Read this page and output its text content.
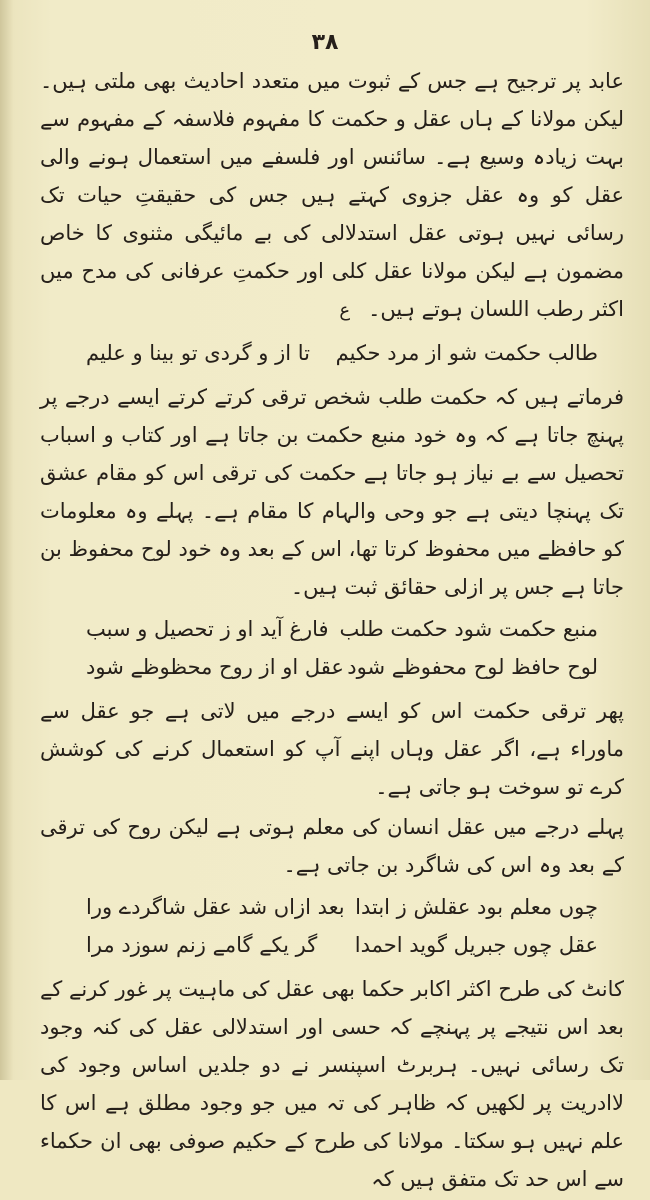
٣٨

عابد پر ترجیح ہے جس کے ثبوت میں متعدد احادیث بھی ملتی ہیں۔ لیکن مولانا کے ہاں عقل و حکمت کا مفہوم فلاسفہ کے مفہوم سے بہت زیادہ وسیع ہے۔ سائنس اور فلسفے میں استعمال ہونے والی عقل کو وہ عقل جزوی کہتے ہیں جس کی حقیقتِ حیات تک رسائی نہیں ہوتی عقل استدلالی کی بے مائیگی مثنوی کا خاص مضمون ہے لیکن مولانا عقل کلی اور حکمتِ عرفانی کی مدح میں اکثر رطب اللسان ہوتے ہیں۔ع

طالب حکمت شو از مرد حکیم
تا از و گردی تو بینا و علیم

فرماتے ہیں کہ حکمت طلب شخص ترقی کرتے کرتے ایسے درجے پر پہنچ جاتا ہے کہ وہ خود منبع حکمت بن جاتا ہے اور کتاب و اسباب تحصیل سے بے نیاز ہو جاتا ہے حکمت کی ترقی اس کو مقام عشق تک پہنچا دیتی ہے جو وحی والہام کا مقام ہے۔ پہلے وہ معلومات کو حافظے میں محفوظ کرتا تھا، اس کے بعد وہ خود لوح محفوظ بن جاتا ہے جس پر ازلی حقائق ثبت ہیں۔

منبع حکمت شود حکمت طلب
فارغ آید او ز تحصیل و سبب
لوح حافظ لوح محفوظے شود
عقل او از روح محظوظے شود

پھر ترقی حکمت اس کو ایسے درجے میں لاتی ہے جو عقل سے ماوراء ہے، اگر عقل وہاں اپنے آپ کو استعمال کرنے کی کوشش کرے تو سوخت ہو جاتی ہے۔

پہلے درجے میں عقل انسان کی معلم ہوتی ہے لیکن روح کی ترقی کے بعد وہ اس کی شاگرد بن جاتی ہے۔

چوں معلم بود عقلش ز ابتدا
بعد ازاں شد عقل شاگردے ورا
عقل چوں جبریل گوید احمدا
گر یکے گامے زنم سوزد مرا

کانٹ کی طرح اکثر اکابر حکما بھی عقل کی ماہیت پر غور کرنے کے بعد اس نتیجے پر پہنچے کہ حسی اور استدلالی عقل کی کنہ وجود تک رسائی نہیں۔ ہربرٹ اسپنسر نے دو جلدیں اساس وجود کی لاادریت پر لکھیں کہ ظاہر کی تہ میں جو وجود مطلق ہے اس کا علم نہیں ہو سکتا۔ مولانا کی طرح کے حکیم صوفی بھی ان حکماء سے اس حد تک متفق ہیں کہ
